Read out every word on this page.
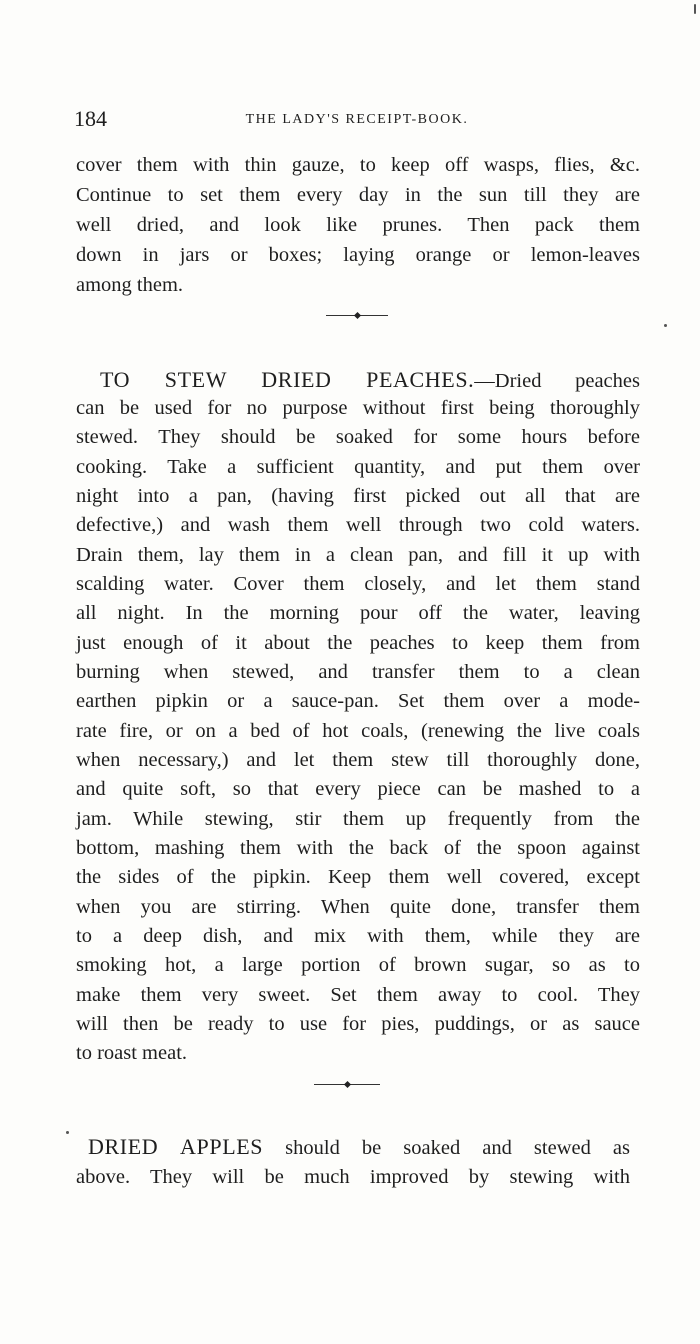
184	THE LADY'S RECEIPT-BOOK.
cover them with thin gauze, to keep off wasps, flies, &c.
Continue to set them every day in the sun till they are
well dried, and look like prunes. Then pack them
down in jars or boxes; laying orange or lemon-leaves
among them.
TO STEW DRIED PEACHES.—Dried peaches
can be used for no purpose without first being thoroughly
stewed. They should be soaked for some hours before
cooking. Take a sufficient quantity, and put them over
night into a pan, (having first picked out all that are
defective,) and wash them well through two cold waters.
Drain them, lay them in a clean pan, and fill it up with
scalding water. Cover them closely, and let them stand
all night. In the morning pour off the water, leaving
just enough of it about the peaches to keep them from
burning when stewed, and transfer them to a clean
earthen pipkin or a sauce-pan. Set them over a mode-
rate fire, or on a bed of hot coals, (renewing the live coals
when necessary,) and let them stew till thoroughly done,
and quite soft, so that every piece can be mashed to a
jam. While stewing, stir them up frequently from the
bottom, mashing them with the back of the spoon against
the sides of the pipkin. Keep them well covered, except
when you are stirring. When quite done, transfer them
to a deep dish, and mix with them, while they are
smoking hot, a large portion of brown sugar, so as to
make them very sweet. Set them away to cool. They
will then be ready to use for pies, puddings, or as sauce
to roast meat.
DRIED APPLES should be soaked and stewed as
above. They will be much improved by stewing with
